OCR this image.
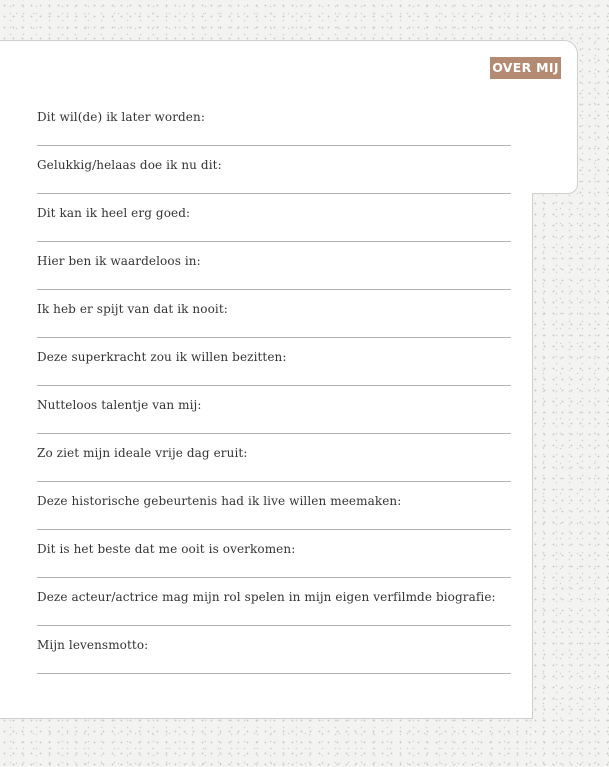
OVER MIJ
Dit wil(de) ik later worden:
Gelukkig/helaas doe ik nu dit:
Dit kan ik heel erg goed:
Hier ben ik waardeloos in:
Ik heb er spijt van dat ik nooit:
Deze superkracht zou ik willen bezitten:
Nutteloos talentje van mij:
Zo ziet mijn ideale vrije dag eruit:
Deze historische gebeurtenis had ik live willen meemaken:
Dit is het beste dat me ooit is overkomen:
Deze acteur/actrice mag mijn rol spelen in mijn eigen verfilmde biografie:
Mijn levensmotto:
